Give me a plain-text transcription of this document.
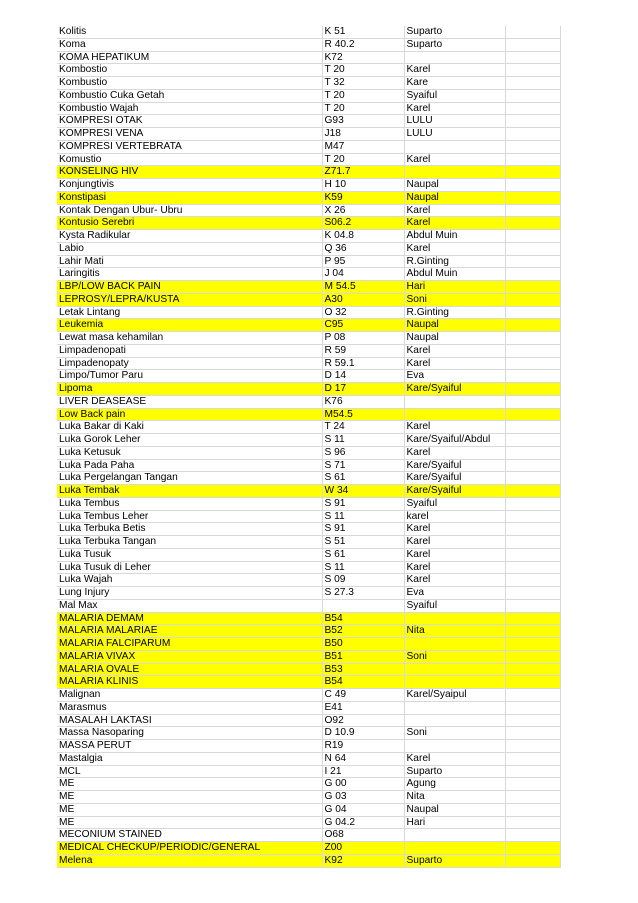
Kolitis	K 51	Suparto	
Koma	R 40.2	Suparto	
KOMA HEPATIKUM	K72		
Kombostio	T 20	Karel	
Kombustio	T 32	Kare	
Kombustio Cuka Getah	T 20	Syaiful	
Kombustio Wajah	T 20	Karel	
KOMPRESI OTAK	G93	LULU	
KOMPRESI VENA	J18	LULU	
KOMPRESI VERTEBRATA	M47		
Komustio	T 20	Karel	
KONSELING HIV	Z71.7		
Konjungtivis	H 10	Naupal	
Konstipasi	K59	Naupal	
Kontak Dengan Ubur- Ubru	X 26	Karel	
Kontusio Serebri	S06.2	Karel	
Kysta Radikular	K 04.8	Abdul Muin	
Labio	Q 36	Karel	
Lahir Mati	P 95	R.Ginting	
Laringitis	J 04	Abdul Muin	
LBP/LOW BACK PAIN	M 54.5	Hari	
LEPROSY/LEPRA/KUSTA	A30	Soni	
Letak Lintang	O 32	R.Ginting	
Leukemia	C95	Naupal	
Lewat masa kehamilan	P 08	Naupal	
Limpadenopati	R 59	Karel	
Limpadenopaty	R 59.1	Karel	
Limpo/Tumor Paru	D 14	Eva	
Lipoma	D 17	Kare/Syaiful	
LIVER DEASEASE	K76		
Low Back pain	M54.5		
Luka Bakar di Kaki	T 24	Karel	
Luka Gorok Leher	S 11	Kare/Syaiful/Abdul	
Luka Ketusuk	S 96	Karel	
Luka Pada Paha	S 71	Kare/Syaiful	
Luka Pergelangan Tangan	S 61	Kare/Syaiful	
Luka Tembak	W 34	Kare/Syaiful	
Luka Tembus	S 91	Syaiful	
Luka Tembus Leher	S 11	karel	
Luka Terbuka Betis	S 91	Karel	
Luka Terbuka Tangan	S 51	Karel	
Luka Tusuk	S 61	Karel	
Luka Tusuk di Leher	S 11	Karel	
Luka Wajah	S 09	Karel	
Lung Injury	S 27.3	Eva	
Mal Max		Syaiful	
MALARIA DEMAM	B54		
MALARIA MALARIAE	B52	Nita	
MALARIA FALCIPARUM	B50		
MALARIA VIVAX	B51	Soni	
MALARIA OVALE	B53		
MALARIA KLINIS	B54		
Malignan	C 49	Karel/Syaipul	
Marasmus	E41		
MASALAH LAKTASI	O92		
Massa Nasoparing	D 10.9	Soni	
MASSA PERUT	R19		
Mastalgia	N 64	Karel	
MCL	I 21	Suparto	
ME	G 00	Agung	
ME	G 03	Nita	
ME	G 04	Naupal	
ME	G 04.2	Hari	
MECONIUM STAINED	O68		
MEDICAL CHECKUP/PERIODIC/GENERAL	Z00		
Melena	K92	Suparto	
